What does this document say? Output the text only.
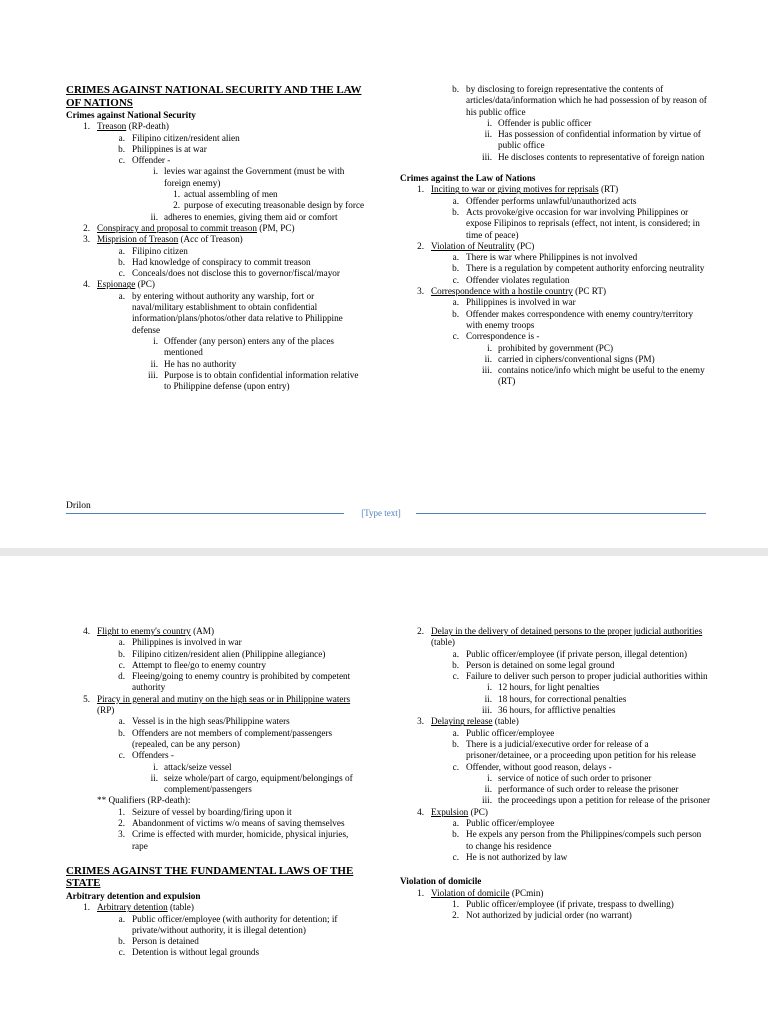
CRIMES AGAINST NATIONAL SECURITY AND THE LAW OF NATIONS

Crimes against National Security

1. Treason (RP-death)
a. Filipino citizen/resident alien
b. Philippines is at war
c. Offender -
i. levies war against the Government (must be with foreign enemy)
1. actual assembling of men
2. purpose of executing treasonable design by force
ii. adheres to enemies, giving them aid or comfort
2. Conspiracy and proposal to commit treason (PM, PC)
3. Misprision of Treason (Acc of Treason)
a. Filipino citizen
b. Had knowledge of conspiracy to commit treason
c. Conceals/does not disclose this to governor/fiscal/mayor
4. Espionage (PC)
a. by entering without authority any warship, fort or naval/military establishment to obtain confidential information/plans/photos/other data relative to Philippine defense
i. Offender (any person) enters any of the places mentioned
ii. He has no authority
iii. Purpose is to obtain confidential information relative to Philippine defense (upon entry)
b. by disclosing to foreign representative the contents of articles/data/information which he had possession of by reason of his public office
i. Offender is public officer
ii. Has possession of confidential information by virtue of public office
iii. He discloses contents to representative of foreign nation

Crimes against the Law of Nations

1. Inciting to war or giving motives for reprisals (RT)
a. Offender performs unlawful/unauthorized acts
b. Acts provoke/give occasion for war involving Philippines or expose Filipinos to reprisals (effect, not intent, is considered; in time of peace)
2. Violation of Neutrality (PC)
a. There is war where Philippines is not involved
b. There is a regulation by competent authority enforcing neutrality
c. Offender violates regulation
3. Correspondence with a hostile country (PC RT)
a. Philippines is involved in war
b. Offender makes correspondence with enemy country/territory with enemy troops
c. Correspondence is -
i. prohibited by government (PC)
ii. carried in ciphers/conventional signs (PM)
iii. contains notice/info which might be useful to the enemy (RT)
Drilon
[Type text]
4. Flight to enemy's country (AM)
a. Philippines is involved in war
b. Filipino citizen/resident alien (Philippine allegiance)
c. Attempt to flee/go to enemy country
d. Fleeing/going to enemy country is prohibited by competent authority
5. Piracy in general and mutiny on the high seas or in Philippine waters (RP)
a. Vessel is in the high seas/Philippine waters
b. Offenders are not members of complement/passengers (repealed, can be any person)
c. Offenders -
i. attack/seize vessel
ii. seize whole/part of cargo, equipment/belongings of complement/passengers

** Qualifiers (RP-death):

1. Seizure of vessel by boarding/firing upon it
2. Abandonment of victims w/o means of saving themselves
3. Crime is effected with murder, homicide, physical injuries, rape
CRIMES AGAINST THE FUNDAMENTAL LAWS OF THE STATE

Arbitrary detention and expulsion

1. Arbitrary detention (table)
a. Public officer/employee (with authority for detention; if private/without authority, it is illegal detention)
b. Person is detained
c. Detention is without legal grounds
2. Delay in the delivery of detained persons to the proper judicial authorities (table)
a. Public officer/employee (if private person, illegal detention)
b. Person is detained on some legal ground
c. Failure to deliver such person to proper judicial authorities within
i. 12 hours, for light penalties
ii. 18 hours, for correctional penalties
iii. 36 hours, for afflictive penalties
3. Delaying release (table)
a. Public officer/employee
b. There is a judicial/executive order for release of a prisoner/detainee, or a proceeding upon petition for his release
c. Offender, without good reason, delays -
i. service of notice of such order to prisoner
ii. performance of such order to release the prisoner
iii. the proceedings upon a petition for release of the prisoner
4. Expulsion (PC)
a. Public officer/employee
b. He expels any person from the Philippines/compels such person to change his residence
c. He is not authorized by law

Violation of domicile

1. Violation of domicile (PCmin)
1. Public officer/employee (if private, trespass to dwelling)
2. Not authorized by judicial order (no warrant)
